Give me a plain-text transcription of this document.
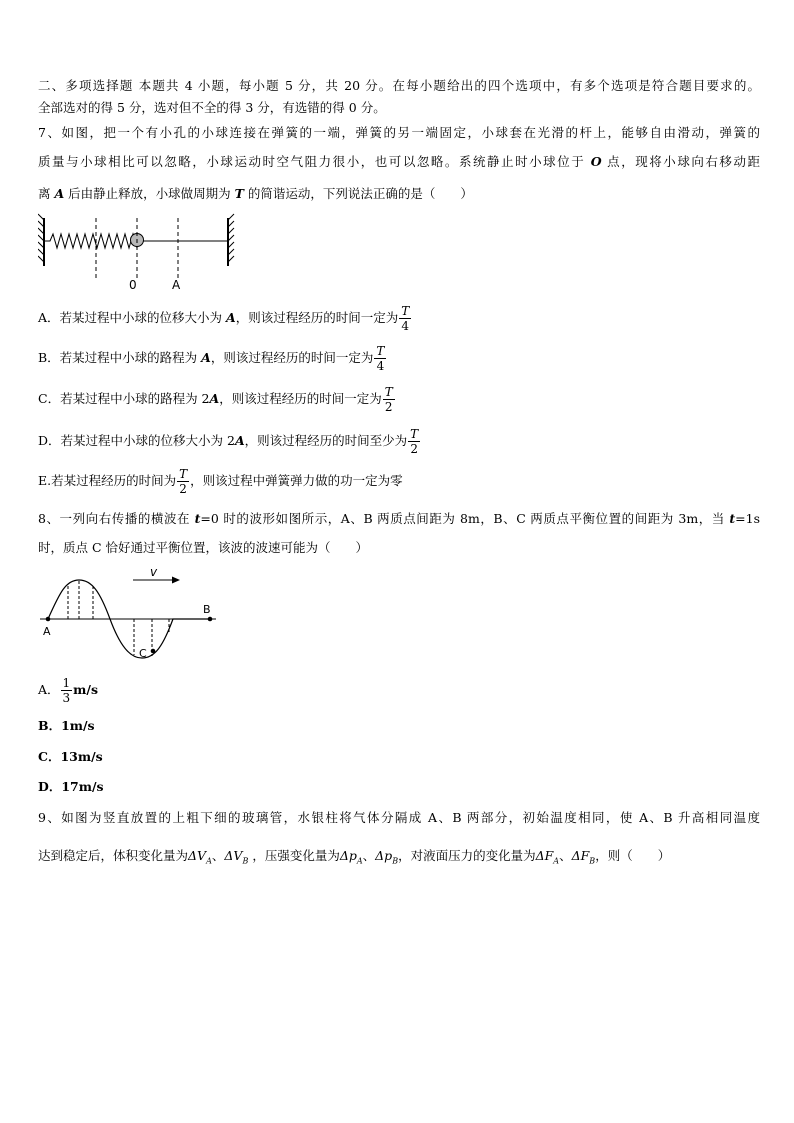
二、多项选择题 本题共 4 小题，每小题 5 分，共 20 分。在每小题给出的四个选项中，有多个选项是符合题目要求的。
全部选对的得 5 分，选对但不全的得 3 分，有选错的得 0 分。
7、如图，把一个有小孔的小球连接在弹簧的一端，弹簧的另一端固定，小球套在光滑的杆上，能够自由滑动，弹簧的
质量与小球相比可以忽略，小球运动时空气阻力很小，也可以忽略。系统静止时小球位于 O 点，现将小球向右移动距
离 A 后由静止释放，小球做周期为 T 的简谐运动，下列说法正确的是（　　）
0	A
A．若某过程中小球的位移大小为 A，则该过程经历的时间一定为 $\frac{T}{4}$
B．若某过程中小球的路程为 A，则该过程经历的时间一定为 $\frac{T}{4}$
C．若某过程中小球的路程为 2A，则该过程经历的时间一定为 $\frac{T}{2}$
D．若某过程中小球的位移大小为 2A，则该过程经历的时间至少为 $\frac{T}{2}$
E.若某过程经历的时间为 $\frac{T}{2}$ ，则该过程中弹簧弹力做的功一定为零
8、一列向右传播的横波在 t=0 时的波形如图所示，A、B 两质点间距为 8m，B、C 两质点平衡位置的间距为 3m，当 t=1s
时，质点 C 恰好通过平衡位置，该波的波速可能为（　　）
v
A
B
C
A． $\frac{1}{3} m/s$
B．1m/s
C．13m/s
D．17m/s
9、如图为竖直放置的上粗下细的玻璃管，水银柱将气体分隔成 A、B 两部分，初始温度相同，使 A、B 升高相同温度
达到稳定后，体积变化量为$\Delta V_A$、$\Delta V_B$ ，压强变化量为$\Delta p_A$、$\Delta p_B$，对液面压力的变化量为$\Delta F_A$、$\Delta F_B$，则（　　）
